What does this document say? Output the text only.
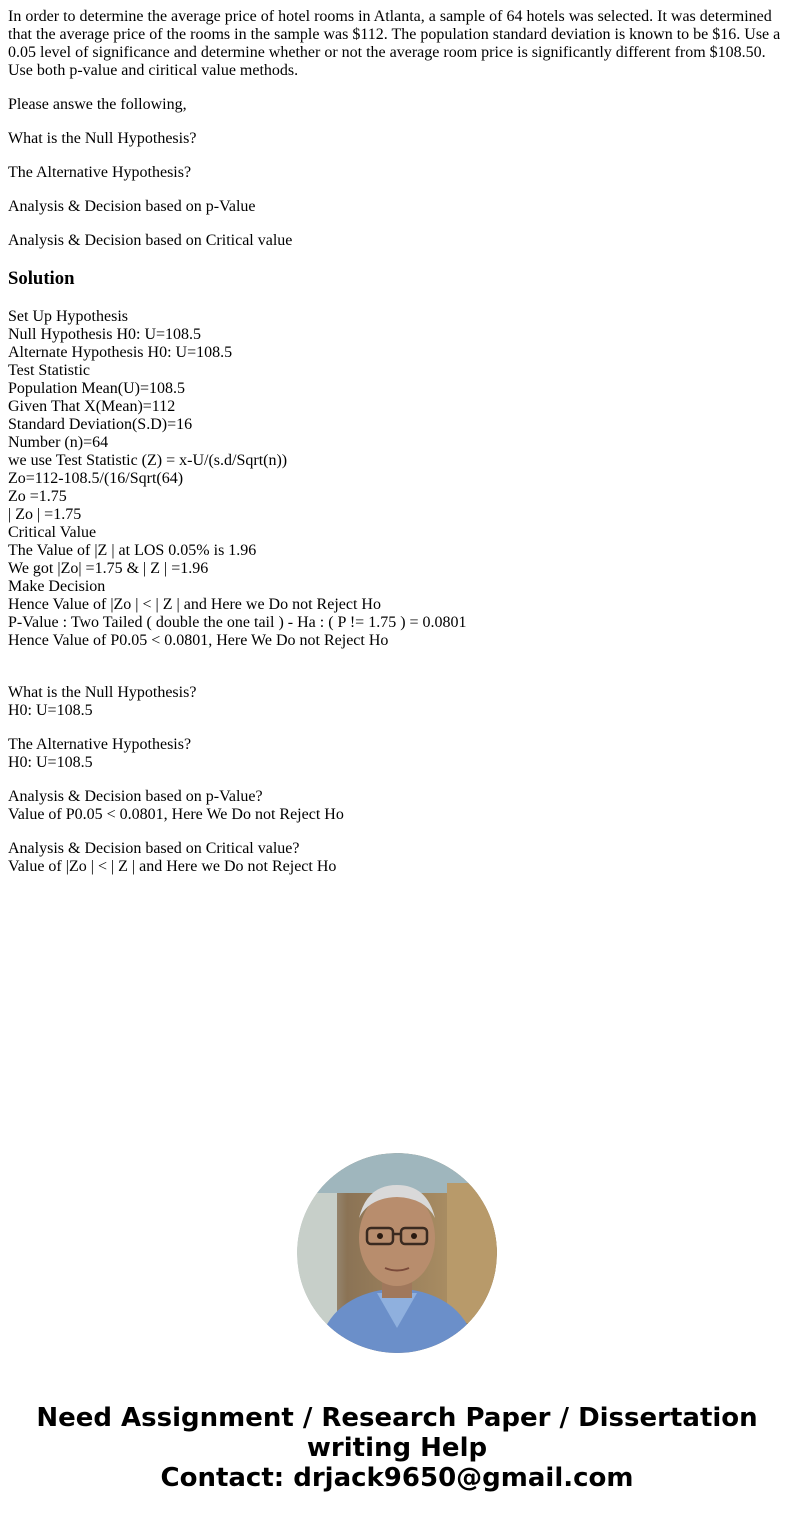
In order to determine the average price of hotel rooms in Atlanta, a sample of 64 hotels was selected. It was determined that the average price of the rooms in the sample was $112. The population standard deviation is known to be $16. Use a 0.05 level of significance and determine whether or not the average room price is significantly different from $108.50. Use both p-value and ciritical value methods.

Please answe the following,

What is the Null Hypothesis?

The Alternative Hypothesis?

Analysis & Decision based on p-Value

Analysis & Decision based on Critical value

Solution
Set Up Hypothesis
Null Hypothesis H0: U=108.5
Alternate Hypothesis H0: U=108.5
Test Statistic
Population Mean(U)=108.5
Given That X(Mean)=112
Standard Deviation(S.D)=16
Number (n)=64
we use Test Statistic (Z) = x-U/(s.d/Sqrt(n))
Zo=112-108.5/(16/Sqrt(64)
Zo =1.75
| Zo | =1.75
Critical Value
The Value of |Z | at LOS 0.05% is 1.96
We got |Zo| =1.75 & | Z | =1.96
Make Decision
Hence Value of |Zo | < | Z | and Here we Do not Reject Ho
P-Value : Two Tailed ( double the one tail ) - Ha : ( P != 1.75 ) = 0.0801
Hence Value of P0.05 < 0.0801, Here We Do not Reject Ho
What is the Null Hypothesis?
H0: U=108.5
The Alternative Hypothesis?
H0: U=108.5
Analysis & Decision based on p-Value?
Value of P0.05 < 0.0801, Here We Do not Reject Ho
Analysis & Decision based on Critical value?
Value of |Zo | < | Z | and Here we Do not Reject Ho
Need Assignment / Research Paper / Dissertation
writing Help
Contact: drjack9650@gmail.com
